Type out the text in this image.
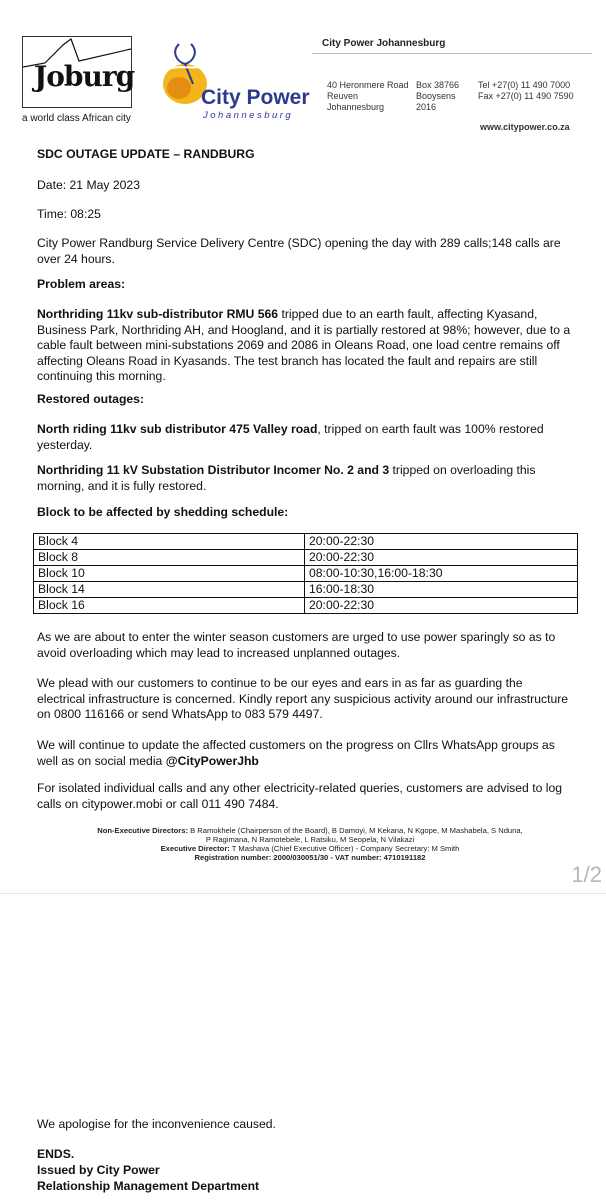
Joburg
a world class African city
City Power
Johannesburg
City Power Johannesburg
40 Heronmere Road
Reuven
Johannesburg
Box 38766
Booysens
2016
Tel +27(0) 11 490 7000
Fax +27(0) 11 490 7590
www.citypower.co.za
SDC OUTAGE UPDATE – RANDBURG
Date: 21 May 2023
Time: 08:25
City Power Randburg Service Delivery Centre (SDC) opening the day with 289 calls;148 calls are over 24 hours.
Problem areas:
Northriding 11kv sub-distributor RMU 566 tripped due to an earth fault, affecting Kyasand, Business Park, Northriding AH, and Hoogland, and it is partially restored at 98%; however, due to a cable fault between mini-substations 2069 and 2086 in Oleans Road, one load centre remains off affecting Oleans Road in Kyasands. The test branch has located the fault and repairs are still continuing this morning.
Restored outages:
North riding 11kv sub distributor 475 Valley road, tripped on earth fault was 100% restored yesterday.
Northriding 11 kV Substation Distributor Incomer No. 2 and 3 tripped on overloading this morning, and it is fully restored.
Block to be affected by shedding schedule:
Block 4	20:00-22:30
Block 8	20:00-22:30
Block 10	08:00-10:30,16:00-18:30
Block 14	16:00-18:30
Block 16	20:00-22:30
As we are about to enter the winter season customers are urged to use power sparingly so as to avoid overloading which may lead to increased unplanned outages.
We plead with our customers to continue to be our eyes and ears in as far as guarding the electrical infrastructure is concerned. Kindly report any suspicious activity around our infrastructure on 0800 116166 or send WhatsApp to 083 579 4497.
We will continue to update the affected customers on the progress on Cllrs WhatsApp groups as well as on social media @CityPowerJhb
For isolated individual calls and any other electricity-related queries, customers are advised to log calls on citypower.mobi or call 011 490 7484.
Non-Executive Directors: B Ramokhele (Chairperson of the Board), B Damoyi, M Kekana, N Kgope, M Mashabela, S Nduna,
P Ragimana, N Ramotebele, L Ratsiku, M Seopela, N Vilakazi
Executive Director: T Mashava (Chief Executive Officer) - Company Secretary: M Smith
Registration number: 2000/030051/30 - VAT number: 4710191182
1/2
We apologise for the inconvenience caused.
ENDS.
Issued by City Power
Relationship Management Department
